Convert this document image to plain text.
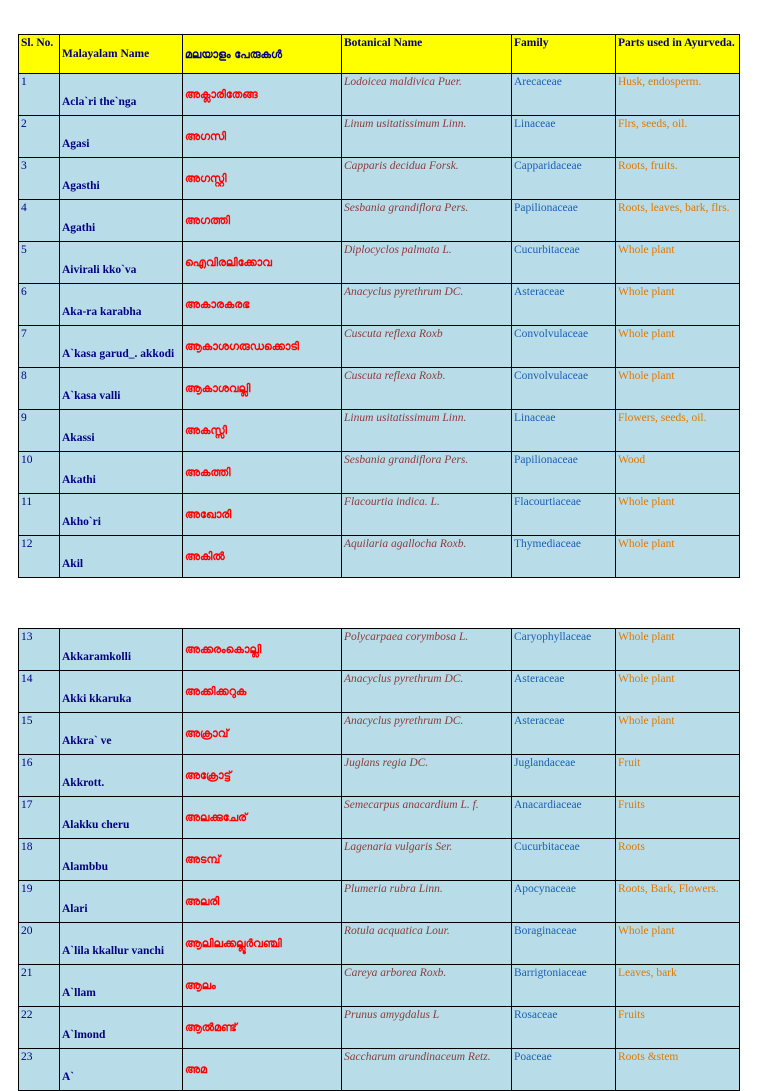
Sl. No.	Malayalam Name	മലയാളം പേരുകൾ	Botanical Name	Family	Parts used in Ayurveda.
1	Acla`ri the`nga	അക്ലാരിതേങ്ങ	Lodoicea maldivica Puer.	Arecaceae	Husk, endosperm.
2	Agasi	അഗസി	Linum usitatissimum Linn.	Linaceae	Flrs, seeds, oil.
3	Agasthi	അഗസ്റ്റി	Capparis decidua Forsk.	Capparidaceae	Roots, fruits.
4	Agathi	അഗത്തി	Sesbania grandiflora Pers.	Papilionaceae	Roots, leaves, bark, flrs.
5	Aivirali kko`va	ഐവിരലിക്കോവ	Diplocyclos palmata L.	Cucurbitaceae	Whole plant
6	Aka-ra karabha	അകാരകരഭ	Anacyclus pyrethrum DC.	Asteraceae	Whole plant
7	A`kasa garud_. akkodi	ആകാശഗരുഡക്കൊടി	Cuscuta reflexa Roxb	Convolvulaceae	Whole plant
8	A`kasa valli	ആകാശവല്ലി	Cuscuta reflexa Roxb.	Convolvulaceae	Whole plant
9	Akassi	അകസ്സി	Linum usitatissimum Linn.	Linaceae	Flowers, seeds, oil.
10	Akathi	അകത്തി	Sesbania grandiflora Pers.	Papilionaceae	Wood
11	Akho`ri	അഖോരി	Flacourtia indica. L.	Flacourtiaceae	Whole plant
12	Akil	അകിൽ	Aquilaria agallocha Roxb.	Thymediaceae	Whole plant
13	Akkaramkolli	അക്കരംകൊല്ലി	Polycarpaea corymbosa L.	Caryophyllaceae	Whole plant
14	Akki kkaruka	അക്കിക്കറുക	Anacyclus pyrethrum DC.	Asteraceae	Whole plant
15	Akkra` ve	അക്രാവ്	Anacyclus pyrethrum DC.	Asteraceae	Whole plant
16	Akkrott.	അക്രോട്ട്	Juglans regia DC.	Juglandaceae	Fruit
17	Alakku cheru	അലക്കുചേര്	Semecarpus anacardium L. f.	Anacardiaceae	Fruits
18	Alambbu	അടമ്പ്	Lagenaria vulgaris Ser.	Cucurbitaceae	Roots
19	Alari	അലരി	Plumeria rubra Linn.	Apocynaceae	Roots, Bark, Flowers.
20	A`lila kkallur vanchi	ആലിലക്കല്ലൂർവഞ്ചി	Rotula acquatica Lour.	Boraginaceae	Whole plant
21	A`llam	ആലം	Careya arborea Roxb.	Barrigtoniaceae	Leaves, bark
22	A`lmond	ആൽമണ്ട്	Prunus amygdalus L	Rosaceae	Fruits
23	A`	അമ	Saccharum arundinaceum Retz.	Poaceae	Roots &stem
